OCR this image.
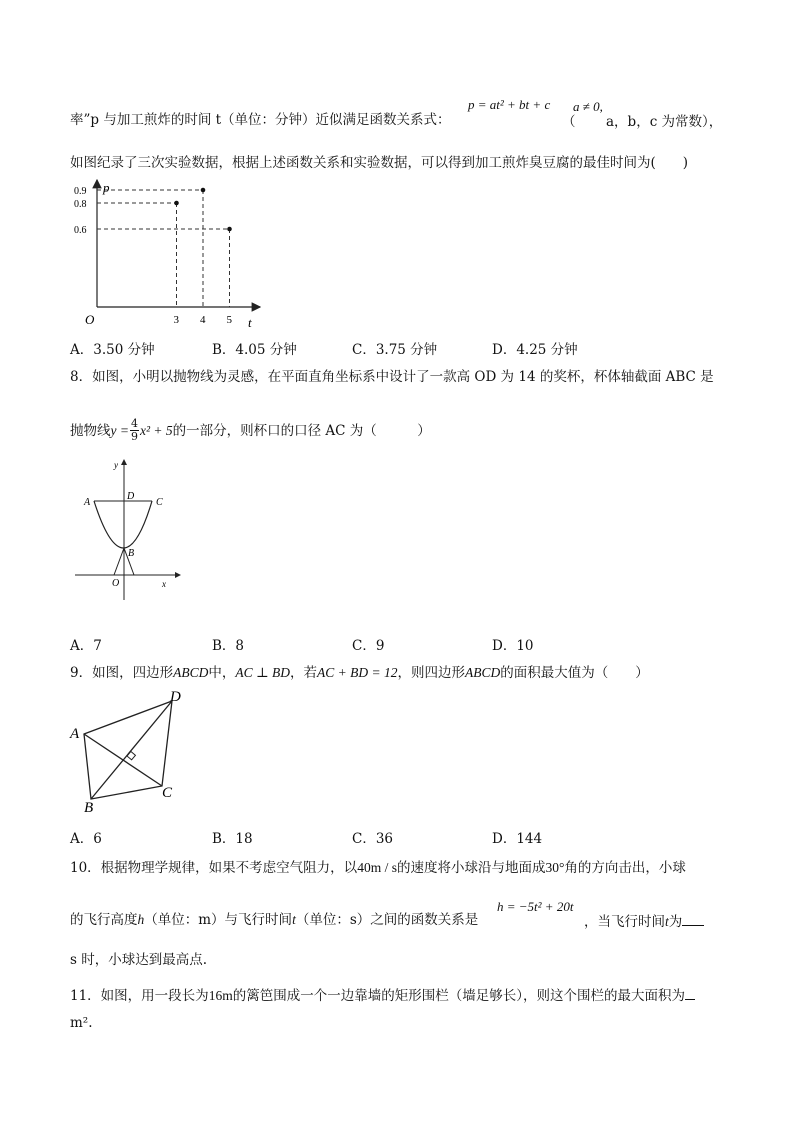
率”p 与加工煎炸的时间 t（单位：分钟）近似满足函数关系式：
p = at² + bt + c
（
a ≠ 0,
a，b，c 为常数），
如图纪录了三次实验数据，根据上述函数关系和实验数据，可以得到加工煎炸臭豆腐的最佳时间为(　　)
3 4 5
0.9
0.8
0.6
O	t
p
A．3.50 分钟	B．4.05 分钟	C．3.75 分钟	D．4.25 分钟
8．如图，小明以抛物线为灵感，在平面直角坐标系中设计了一款高 OD 为 14 的奖杯，杯体轴截面 ABC 是
抛物线 $y = \frac{4}{9} x^2 + 5$ 的一部分，则杯口的口径 AC 为（　　　）
A
D
C
B
O	x
y
A．7	B．8	C．9	D．10
9．如图，四边形ABCD中，AC ⊥ BD，若AC + BD = 12，则四边形ABCD的面积最大值为（　　）
A
D
C
B
A．6	B．18	C．36	D．144
10．根据物理学规律，如果不考虑空气阻力，以40m / s的速度将小球沿与地面成30°角的方向击出，小球
的飞行高度h（单位：m）与飞行时间t（单位：s）之间的函数关系是
h = −5t² + 20t
，当飞行时间t为
s 时，小球达到最高点.
11．如图，用一段长为16m的篱笆围成一个一边靠墙的矩形围栏（墙足够长），则这个围栏的最大面积为
m².
